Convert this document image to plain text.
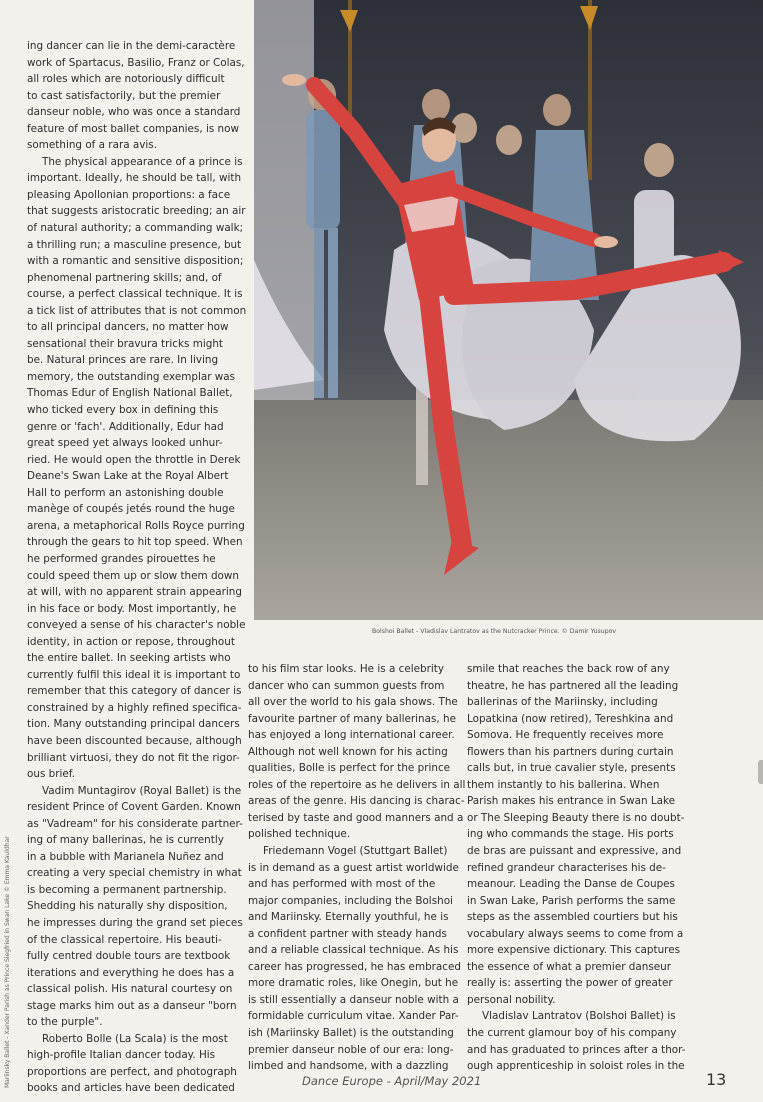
Bolshoi Ballet - Vladislav Lantratov as the Nutcracker Prince. © Damir Yusupov
Mariinsky Ballet - Xander Parish as Prince Siegfried in Swan Lake © Emma Kauldhar

ing dancer can lie in the demi-caractère

work of Spartacus, Basilio, Franz or Colas,

all roles which are notoriously difficult

to cast satisfactorily, but the premier

danseur noble, who was once a standard

feature of most ballet companies, is now

something of a rara avis.

The physical appearance of a prince is

important. Ideally, he should be tall, with

pleasing Apollonian proportions: a face

that suggests aristocratic breeding; an air

of natural authority; a commanding walk;

a thrilling run; a masculine presence, but

with a romantic and sensitive disposition;

phenomenal partnering skills; and, of

course, a perfect classical technique. It is

a tick list of attributes that is not common

to all principal dancers, no matter how

sensational their bravura tricks might

be. Natural princes are rare. In living

memory, the outstanding exemplar was

Thomas Edur of English National Ballet,

who ticked every box in defining this

genre or 'fach'. Additionally, Edur had

great speed yet always looked unhur-

ried. He would open the throttle in Derek

Deane's Swan Lake at the Royal Albert

Hall to perform an astonishing double

manège of coupés jetés round the huge

arena, a metaphorical Rolls Royce purring

through the gears to hit top speed. When

he performed grandes pirouettes he

could speed them up or slow them down

at will, with no apparent strain appearing

in his face or body. Most importantly, he

conveyed a sense of his character's noble

identity, in action or repose, throughout

the entire ballet. In seeking artists who

currently fulfil this ideal it is important to

remember that this category of dancer is

constrained by a highly refined specifica-

tion. Many outstanding principal dancers

have been discounted because, although

brilliant virtuosi, they do not fit the rigor-

ous brief.

Vadim Muntagirov (Royal Ballet) is the

resident Prince of Covent Garden. Known

as "Vadream" for his considerate partner-

ing of many ballerinas, he is currently

in a bubble with Marianela Nuñez and

creating a very special chemistry in what

is becoming a permanent partnership.

Shedding his naturally shy disposition,

he impresses during the grand set pieces

of the classical repertoire. His beauti-

fully centred double tours are textbook

iterations and everything he does has a

classical polish. His natural courtesy on

stage marks him out as a danseur "born

to the purple".

Roberto Bolle (La Scala) is the most

high-profile Italian dancer today. His

proportions are perfect, and photograph

books and articles have been dedicated

to his film star looks. He is a celebrity

dancer who can summon guests from

all over the world to his gala shows. The

favourite partner of many ballerinas, he

has enjoyed a long international career.

Although not well known for his acting

qualities, Bolle is perfect for the prince

roles of the repertoire as he delivers in all

areas of the genre. His dancing is charac-

terised by taste and good manners and a

polished technique.

Friedemann Vogel (Stuttgart Ballet)

is in demand as a guest artist worldwide

and has performed with most of the

major companies, including the Bolshoi

and Mariinsky. Eternally youthful, he is

a confident partner with steady hands

and a reliable classical technique. As his

career has progressed, he has embraced

more dramatic roles, like Onegin, but he

is still essentially a danseur noble with a

formidable curriculum vitae. Xander Par-

ish (Mariinsky Ballet) is the outstanding

premier danseur noble of our era: long-

limbed and handsome, with a dazzling

smile that reaches the back row of any

theatre, he has partnered all the leading

ballerinas of the Mariinsky, including

Lopatkina (now retired), Tereshkina and

Somova. He frequently receives more

flowers than his partners during curtain

calls but, in true cavalier style, presents

them instantly to his ballerina. When

Parish makes his entrance in Swan Lake

or The Sleeping Beauty there is no doubt-

ing who commands the stage. His ports

de bras are puissant and expressive, and

refined grandeur characterises his de-

meanour. Leading the Danse de Coupes

in Swan Lake, Parish performs the same

steps as the assembled courtiers but his

vocabulary always seems to come from a

more expensive dictionary. This captures

the essence of what a premier danseur

really is: asserting the power of greater

personal nobility.

Vladislav Lantratov (Bolshoi Ballet) is

the current glamour boy of his company

and has graduated to princes after a thor-

ough apprenticeship in soloist roles in the

Dance Europe - April/May 2021	13
